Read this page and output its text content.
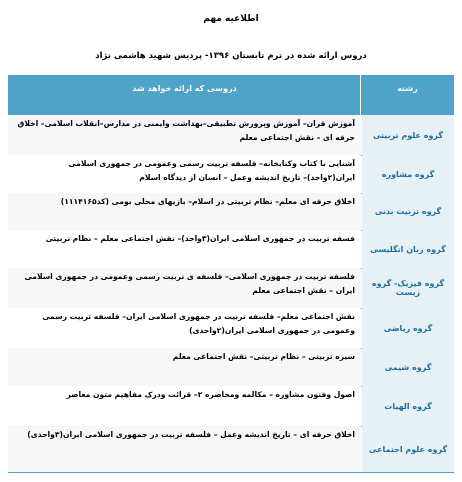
اطلاعیه مهم
دروس ارائه شده در ترم تابستان ۱۳۹۶- پردیس شهید هاشمی نژاد
رشته
دروسی که ارائه خواهد شد
گروه علوم تربیتی
آموزش قران– آموزش وپرورش تطبیقی–بهداشت وایمنی در مدارس–انقلاب اسلامی– اخلاق حرفه ای – نقش اجتماعی معلم
گروه مشاوره
آشنایی با کتاب وکتابخانه– فلسفه تربیت رسمی وعمومی در جمهوری اسلامی ایران(۲واحد)– تاریخ اندیشه وعمل – انسان از دیدگاه اسلام
گروه تربیت بدنی
اخلاق حرفه ای معلم– نظام تربیتی در اسلام– بازیهای محلی بومی (کد۱۱۱۴۱۶۵)
گروه زبان انگلیسی
فسفه تربیت در جمهوری اسلامی ایران(۳واحد)– نقش اجتماعی معلم – نظام تربیتی
گروه فیزیک- گروه زیست
فلسفه تربیت در جمهوری اسلامی– فلسفه ی تربیت رسمی وعمومی در جمهوری اسلامی ایران – نقش اجتماعی معلم
گروه ریاضی
نقش اجتماعی معلم– فلسفه تربیت در جمهوری اسلامی ایران– فلسفه تربیت رسمی وعمومی در جمهوری اسلامی ایران(۲واحدی)
گروه شیمی
سیره تربیتی – نظام تربیتی– نقش اجتماعی معلم
گروه الهیات
اصول وفنون مشاوره – مکالمه ومحاضره ۲– قرائت ودرک مفاهیم متون معاصر
گروه علوم اجتماعی
اخلاق حرفه ای – تاریخ اندیشه وعمل – فلسفه تربیت در جمهوری اسلامی ایران(۳واحدی)
